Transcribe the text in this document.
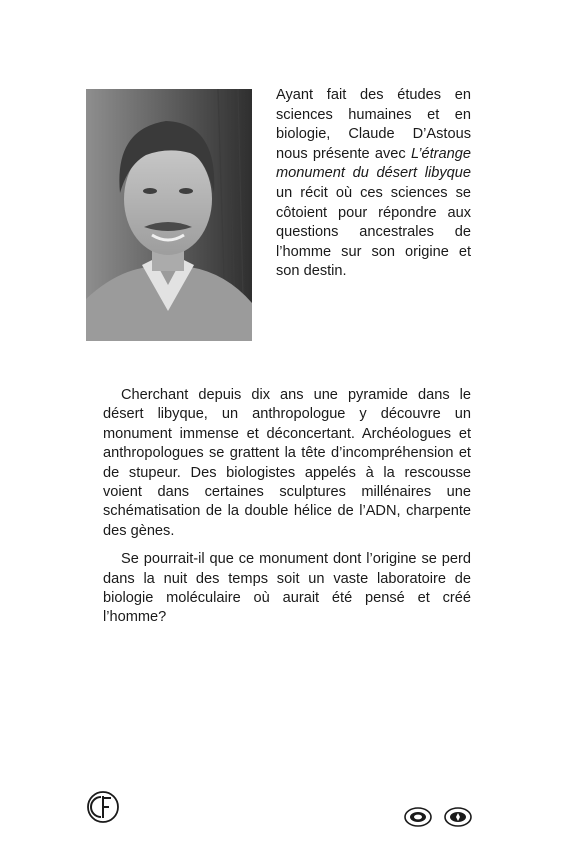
Ayant fait des études en sciences humaines et en biologie, Claude D’Astous nous présente avec L’étrange monument du désert libyque un récit où ces sciences se côtoient pour répondre aux questions ancestrales de l’homme sur son origine et son destin.

Cherchant depuis dix ans une pyramide dans le désert libyque, un anthropologue y découvre un monument immense et déconcertant. Archéologues et anthropologues se grattent la tête d’incompréhension et de stupeur. Des biologistes appelés à la rescousse voient dans certaines sculptures millénaires une schématisation de la double hélice de l’ADN, charpente des gènes.

Se pourrait-il que ce monument dont l’origine se perd dans la nuit des temps soit un vaste laboratoire de biologie moléculaire où aurait été pensé et créé l’homme?
